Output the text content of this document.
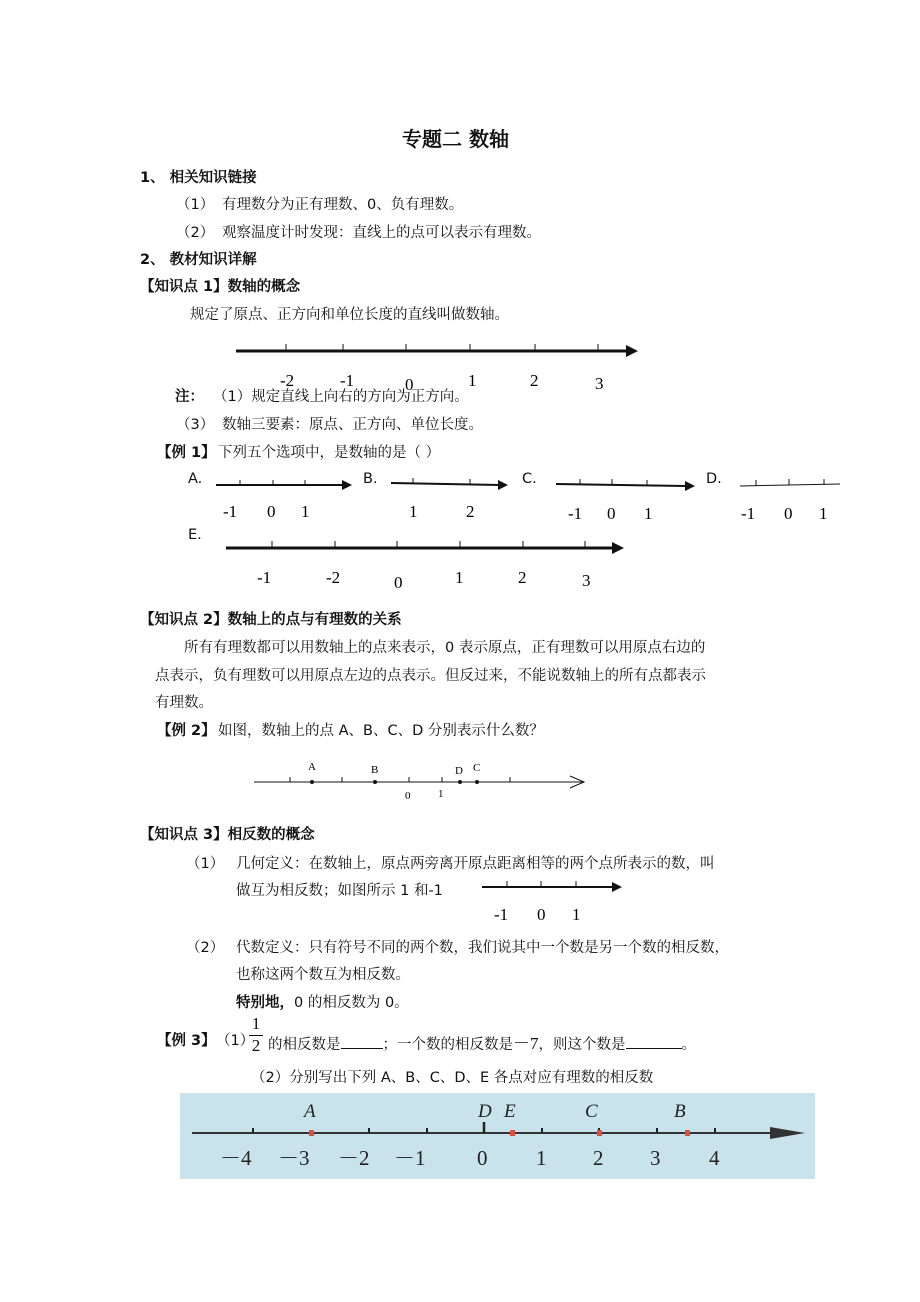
专题二 数轴
1、 相关知识链接
（1） 有理数分为正有理数、0、负有理数。
（2） 观察温度计时发现：直线上的点可以表示有理数。
2、 教材知识详解
【知识点 1】数轴的概念
规定了原点、正方向和单位长度的直线叫做数轴。
-2	-1	0	1	2	3
注： （1）规定直线上向右的方向为正方向。
（3） 数轴三要素：原点、正方向、单位长度。
【例 1】 下列五个选项中，是数轴的是（ ）
A.
-1 0 1
B.
1	2
C.
-1 0 1
D.
-1 0 1
E.
-1	-2	0	1	2	3
【知识点 2】数轴上的点与有理数的关系
所有有理数都可以用数轴上的点来表示，0 表示原点，正有理数可以用原点右边的
点表示，负有理数可以用原点左边的点表示。但反过来，不能说数轴上的所有点都表示
有理数。
【例 2】 如图，数轴上的点 A、B、C、D 分别表示什么数？
A	B	D C
0	1
【知识点 3】相反数的概念
（1） 几何定义：在数轴上，原点两旁离开原点距离相等的两个点所表示的数，叫
做互为相反数；如图所示 1 和-1
-1 0 1
（2） 代数定义：只有符号不同的两个数，我们说其中一个数是另一个数的相反数，
也称这两个数互为相反数。
特别地，0 的相反数为 0。
【例 3】 （1）
1
2 的相反数是	；一个数的相反数是－7，则这个数是	。
（2）分别写出下列 A、B、C、D、E 各点对应有理数的相反数
A	D E	C	B
－4 －3 －2 －1 0 1 2 3 4
